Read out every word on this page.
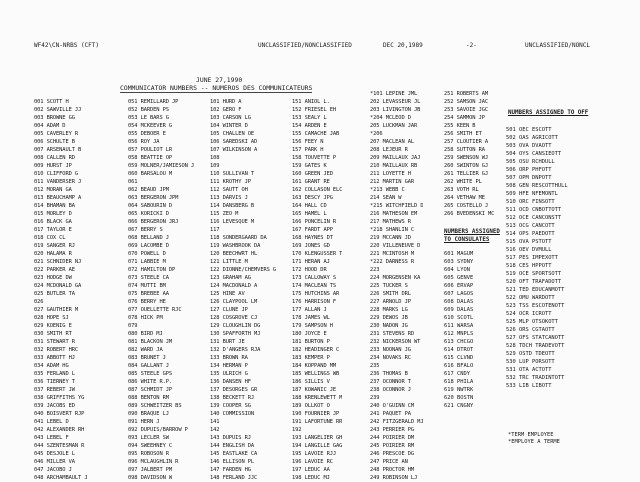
WF42\CN-NRBS (CFT)	UNCLASSIFIED/NONCLASSIFIED	DEC 20,1989	-2-	UNCLASSIFIED/NONCL
JUNE 27,1990
COMMUNICATOR NUMBERS -- NUMEROS DES COMMUNICATEURS
NUMBERS ASSIGNED TO OFF
001 SCOTT H
002 SAWVILLE JJ
003 BROWNE GG
004 ADAM D
005 CAVERLEY R
006 SCHULTE B
007 ARSENAULT B
008 CALLEN RD
009 HURST JP
010 CLIFFORD G
011 VANDERSER J
012 MORAN GA
013 BEAUCHAMP A
014 BHAMAN BA
015 MORLEY D
016 BLACK GA
017 TAYLOR E
018 COX CL
019 SANGER RJ
020 HALAMA R
021 SCHNIDER NJ
022 PARKER AE
023 HODGE DW
024 MCDONALD GA
025 BUTLER TA
026
027 GAUTHIER M
028 HOPE SJ
029 KOENIG E
030 SMITH RT
031 STEWART R
032 ROBERT HRC
033 ABBOTT HJ
034 ADAM HG
035 FERLAND L
036 TIERNEY T
037 REBERT JW
038 GRIFFITHS YG
039 JACOBS ED
040 BOISVERT RJP
041 LEBEL D
042 ALEXANDER RH
043 LEBEL F
044 SZENTESMAN R
045 DESJOLE L
046 MILLER VA
047 JACOBO J
048 ARCHAMBAULT J
051 REMILLARD JP
052 BARDEN PS
053 LE BARS G
054 MCKEEVER G
055 DEBOER E
056 ROY JA
057 POULIOT LR
058 BEATTIE OP
059 MOLNER/JAMIESON J
060 BARSALOU M
061
062 BEAUD JPM
063 BERGERON JPM
064 SABOURIN D
065 KORICKI D
066 BERGERON JRJ
067 BERRY S
068 BELLAND J
069 LACOMBE D
070 POWELL D
071 LABBIE M
072 HAMILTON DP
073 STEELE CA
074 MUTTI BM
075 BREBEE AA
076 BERRY HE
077 OUELLETTE RJC
078 HICK PM
079
080 BIRD MJ
081 BLACKON JM
082 WARD JA
083 BRUNET J
084 GALLANT J
085 STEELE GPS
086 WHITE R.P.
087 SCHMIDT JP
088 BENTON RM
089 SCHWEITZER BS
090 BRAQUE LJ
091 HERN J
092 DUPUIS/BARROW P
093 LECLER SW
094 SWEEHNEY C
095 ROBOSON R
096 MCLAUGHLIN R
097 JALBERT PM
098 DAVIDSON W
101 HURD A
102 GERO F
103 CARSON LG
104 WINTER D
105 CHALLEN OE
106 SAREDSKI AD
107 WILKINSON A
108
109
110 SULLIVAN T
111 KROTHY JP
112 SAUTT OH
113 DARVIS J
114 DANSBERG B
115 ZEO M
116 LEVESQUE M
117
118 SONDERGAARD DA
119 WASHBROOK DA
120 BEECHWRT HL
121 LITTLE M
122 DIONNE/CHEMVERS G
123 GRAHAM AG
124 MACDONALD A
125 HINE AV
126 CLAYPOOL LM
127 CLUNE JP
128 COSGROVE CJ
129 CLOUGHLIN DG
130 SPAFFORTH MJ
131 BURT JE
132 D'ANGERS RJA
133 BROWN RA
134 HERMAN P
135 ULRICH G
136 DANSEN HF
137 DESORGES GR
138 BECKETT RJ
139 COOPER SG
140 COMMISSION
141
142
143 DUPUIS RJ
144 ENGLISH DA
145 EASTLAKE CA
146 ELLISON PL
147 FARDEN HG
148 FERLAND JJC
151 ANIOL L.
152 FRIESEL EH
153 SEALY L
154 ARDEN E
155 CAMACHE JAB
156 FEEY N
157 PARK H
158 TOUVETTE P
159 GATES K
160 GREEN JED
161 GRANT RE
162 COLLASON ELC
163 DESCY JPG
164 HALL CD
165 HAMEL L
166 PONCELIN R
167 FARDT APP
168 HAYNES DT
169 JONES GD
170 KLENGUSSER T
171 HERAN AJ
172 HOOD DR
173 CALLOWAY S
174 MACLEAN TS
175 HUTCHINS AR
176 HARRISON F
177 ALLAN J
178 JAMES WL
179 SAMPSON H
180 JOYCE E
181 BURTON P
182 HEADINGER C
183 KEMPER P
184 KOPPAND MM
185 WELLINGS WB
186 SILLIS V
187 KOWANIC JE
188 KRENLEWETT M
189 OLLKOT O
190 FOURNIER JP
191 LAFORTUNE RR
192
193 LANGELIER GH
194 LANGILLE GAG
195 LAVOIE RJJ
196 LAVOIE RC
197 LEDUC AA
198 LEDUC MJ
*101 LEPINE JML
202 LEVASSEUR JL
203 LIVINGTON JB
*204 MCLEOD D
205 LUCKMAN JAR
*206
207 MACLEAN AL
208 LEJEUR R
209 MAILLAUX JAJ
210 MAILLAUX RB
211 LOYETTE H
212 MARTIN GAR
*213 WEBB C
214 SEAN W
*215 WITCHFIELD D
216 MATHESON EM
217 MATHEWS R
*218 SHANLIN C
219 MCCANN JD
220 VILLENEUVE D
221 MCINTOSH M
*222 DARNESS R
223
224 MORGENSEN KA
225 TUCKER S
226 SMITH DRL
227 ARNOLD JP
228 MARKS LG
229 DEWOS JB
230 NADON JG
231 STEVENS RD
232 NICKERSON WT
233 NOONAN JG
234 NOVAKS RC
235
236 THOMAS B
237 OCONNOR T
238 OCONNOR J
239
240 O'GUINN CM
241 PAQUET PA
242 FITZGERALD MJ
243 PERRIER PG
244 POIRIER DM
245 POIRIER RM
246 PRESCOE DG
247 PRICE AN
248 PROCTOR HM
249 ROBINSON LJ
251 ROBERTS AM
252 SAMSON JAC
253 SAVOIE JGC
254 SAMMON JP
255 KEEN B
256 SMITH ET
257 CLOUTIER A
258 SUTTON RA
259 SWENSON WJ
260 SWINTON GJ
261 TELLIER GJ
262 WHITE PL
263 VOTH RL
264 VETHAW ME
265 COSTELLO J
266 BVEDENSKI MC
NUMBERS ASSIGNED
TO CONSULATES
601 MAGUM
603 SYDNY
604 LYON
605 GENVE
606 ERVAP
607 LAGOS
608 DALAS
609 DALAS
610 SCOTL
611 WARSA
612 MNPLS
613 CHCGO
614 DTROT
615 CLVND
616 BFALO
617 CNDY
618 PHILA
619 NWTRK
620 BOSTN
621 CNGNY
501 OEC ESCOTT
502 OAS AGRICOTT
503 OVA DVAOTT
504 OYS CANSIEOTT
505 OSU RCHDULL
506 ORP PHFOTT
507 OPM DNPOTT
508 GEN RESCOTTHULL
509 HFE NFEMONTL
510 ORC FINSOTT
511 OCD CNBOTTOTT
512 OCE CANCONSTT
513 OCG CANCOTT
514 OPS PAEDOTT
515 OVA PSTOTT
516 OEV DVMULL
517 PES IMPEXOTT
518 CES HPPOTT
519 OCE SPORTSOTT
520 OFT TRAFADOTT
521 TED EDUCANMOTT
522 OMU WARDOTT
523 TSS ESCOTENOTT
524 OCR ICROTT
525 MLP OTSOKOTT
526 ORS CGTAOTT
527 OFS STATCANOTT
528 TDCH TRADEVOTT
529 OSTD TDEOTT
530 LUP PORSOTT
531 OTA ACTOTT
532 TRC TRADINTOTT
533 LIB LIBOTT
*TERM EMPLOYEE
*EMPLOYE A TERME
